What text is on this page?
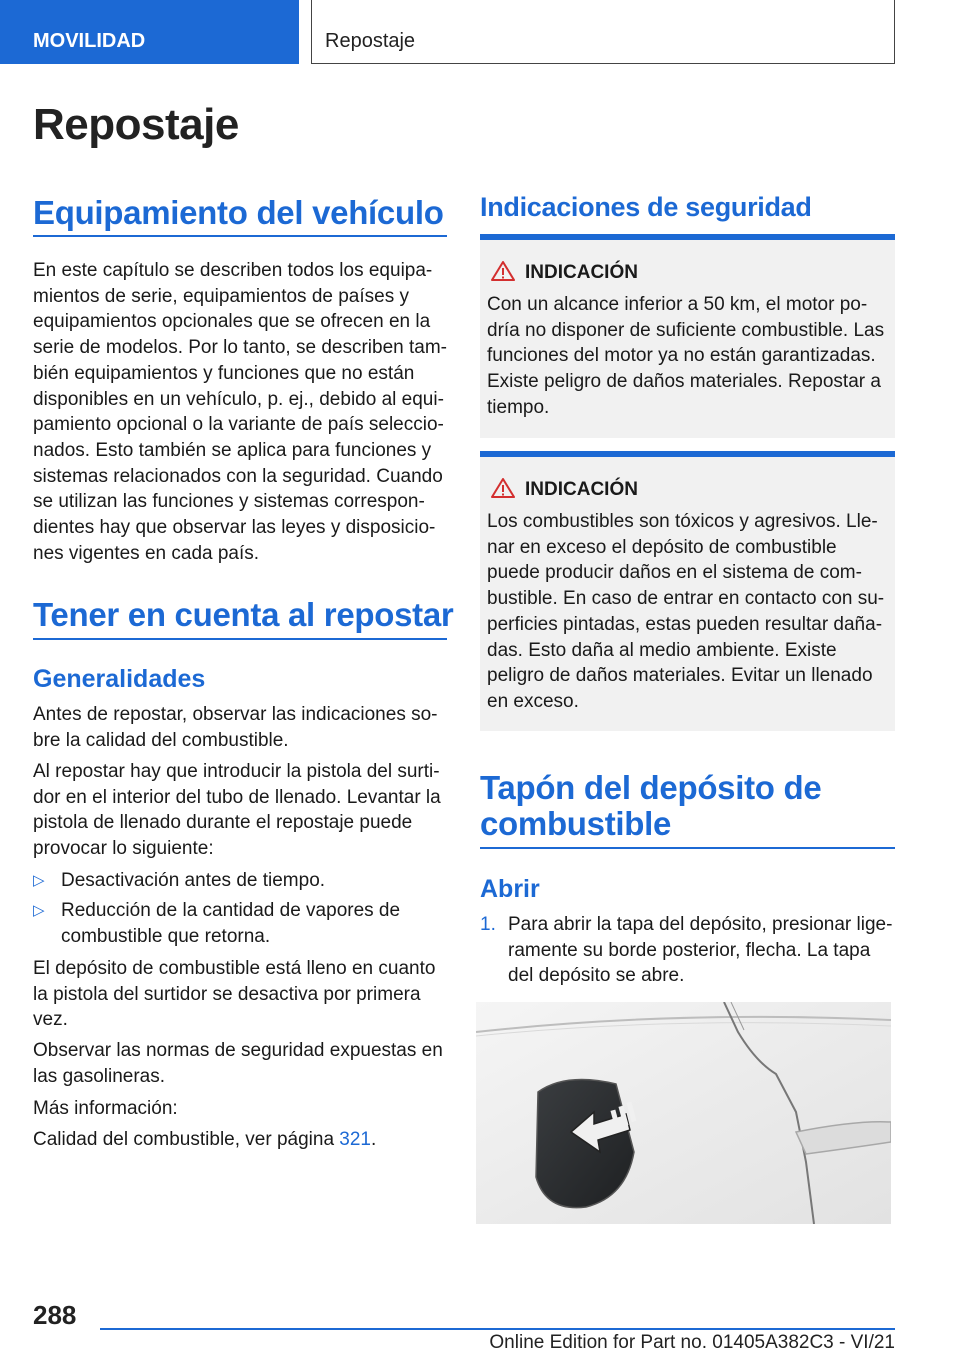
MOVILIDAD	Repostaje
Repostaje
Equipamiento del vehículo
En este capítulo se describen todos los equipa-
mientos de serie, equipamientos de países y
equipamientos opcionales que se ofrecen en la
serie de modelos. Por lo tanto, se describen tam-
bién equipamientos y funciones que no están
disponibles en un vehículo, p. ej., debido al equi-
pamiento opcional o la variante de país seleccio-
nados. Esto también se aplica para funciones y
sistemas relacionados con la seguridad. Cuando
se utilizan las funciones y sistemas correspon-
dientes hay que observar las leyes y disposicio-
nes vigentes en cada país.
Tener en cuenta al repostar
Generalidades
Antes de repostar, observar las indicaciones so-
bre la calidad del combustible.
Al repostar hay que introducir la pistola del surti-
dor en el interior del tubo de llenado. Levantar la
pistola de llenado durante el repostaje puede
provocar lo siguiente:
▷ Desactivación antes de tiempo.
▷ Reducción de la cantidad de vapores de
combustible que retorna.
El depósito de combustible está lleno en cuanto
la pistola del surtidor se desactiva por primera
vez.
Observar las normas de seguridad expuestas en
las gasolineras.
Más información:
Calidad del combustible, ver página 321.
Indicaciones de seguridad
INDICACIÓN
Con un alcance inferior a 50 km, el motor po-
dría no disponer de suficiente combustible. Las
funciones del motor ya no están garantizadas.
Existe peligro de daños materiales. Repostar a
tiempo.
INDICACIÓN
Los combustibles son tóxicos y agresivos. Lle-
nar en exceso el depósito de combustible
puede producir daños en el sistema de com-
bustible. En caso de entrar en contacto con su-
perficies pintadas, estas pueden resultar daña-
das. Esto daña al medio ambiente. Existe
peligro de daños materiales. Evitar un llenado
en exceso.
Tapón del depósito de
combustible
Abrir
1. Para abrir la tapa del depósito, presionar lige-
ramente su borde posterior, flecha. La tapa
del depósito se abre.
288
Online Edition for Part no. 01405A382C3 - VI/21
